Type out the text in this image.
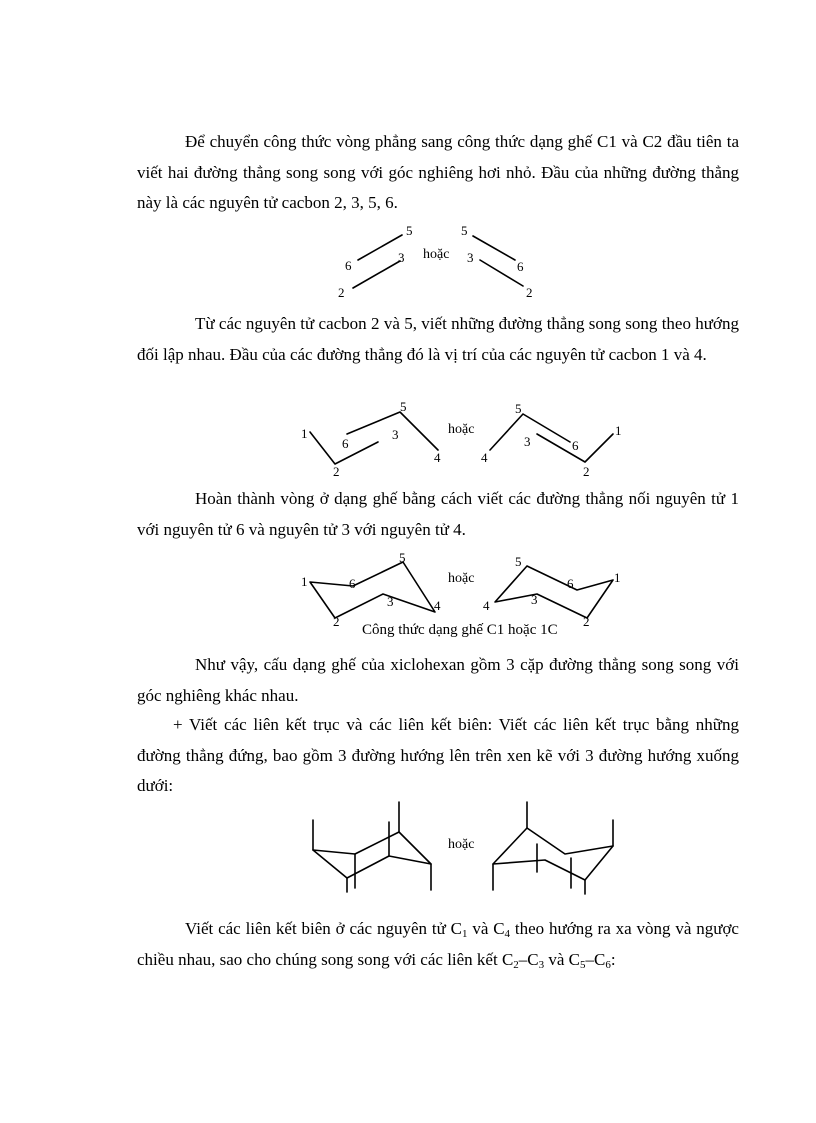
Để chuyển công thức vòng phẳng sang công thức dạng ghế C1 và C2 đầu tiên ta viết hai đường thẳng song song với góc nghiêng hơi nhỏ. Đầu của những đường thẳng này là các nguyên tử cacbon 2, 3, 5, 6.

5
6
3
2
hoặc
5
3
6
2

Từ các nguyên tử cacbon 2 và 5, viết những đường thẳng song song theo hướng đối lập nhau. Đầu của các đường thẳng đó là vị trí của các nguyên tử cacbon 1 và 4.

1
6
2
3
5
4
hoặc
4
5
3	6
1
2

Hoàn thành vòng ở dạng ghế bằng cách viết các đường thẳng nối nguyên tử 1 với nguyên tử 6 và nguyên tử 3 với nguyên tử 4.

1	6
2
3
5
4
hoặc
4
5
3
6	1
2
Công thức dạng ghế C1 hoặc 1C

Như vậy, cấu dạng ghế của xiclohexan gồm 3 cặp đường thẳng song song với góc nghiêng khác nhau.

+ Viết các liên kết trục và các liên kết biên: Viết các liên kết trục bằng những đường thẳng đứng, bao gồm 3 đường hướng lên trên xen kẽ với 3 đường hướng xuống dưới:

hoặc

Viết các liên kết biên ở các nguyên tử $C_1$ và $C_4$ theo hướng ra xa vòng và ngược chiều nhau, sao cho chúng song song với các liên kết $C_2-C_3$ và $C_5-C_6$:
